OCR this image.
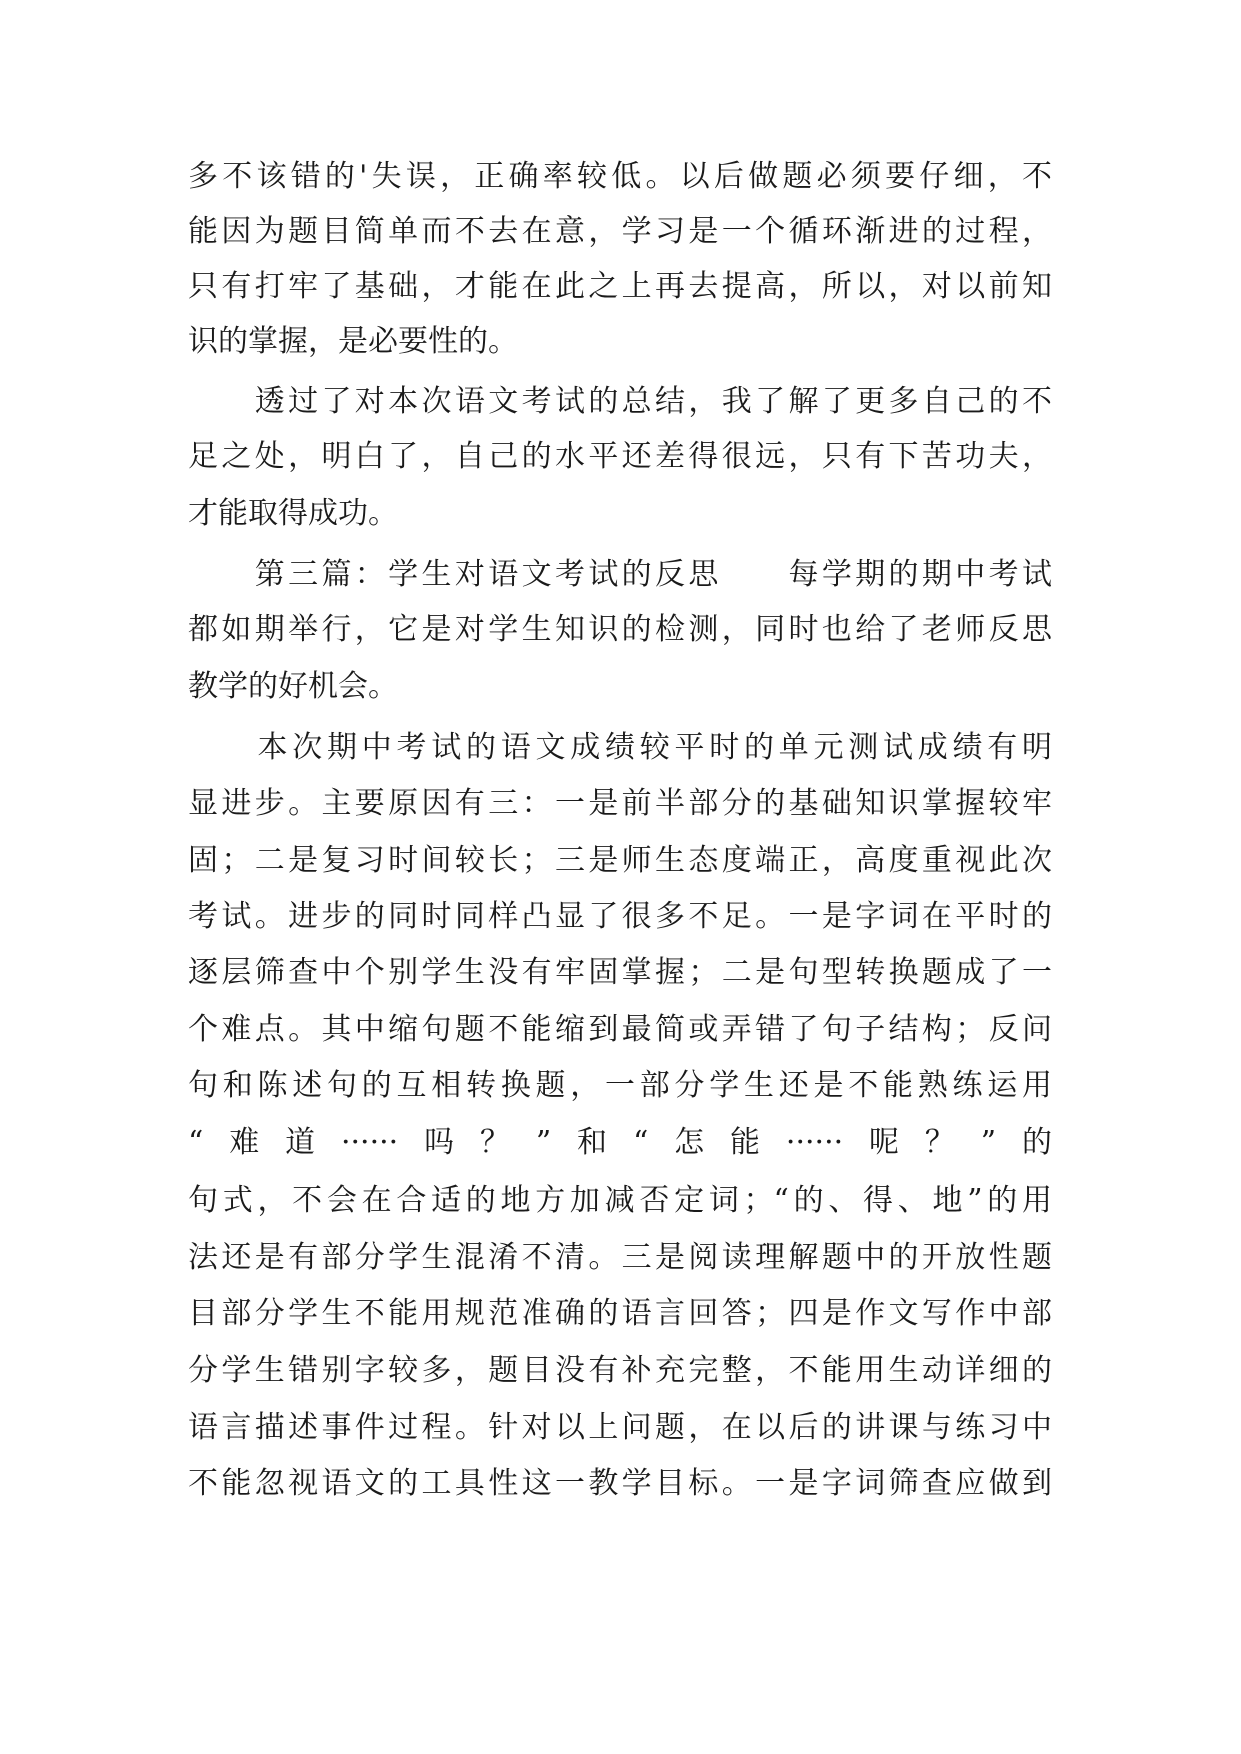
多不该错的'失误，正确率较低。以后做题必须要仔细，不
能因为题目简单而不去在意，学习是一个循环渐进的过程，
只有打牢了基础，才能在此之上再去提高，所以，对以前知
识的掌握，是必要性的。
　　透过了对本次语文考试的总结，我了解了更多自己的不
足之处，明白了，自己的水平还差得很远，只有下苦功夫，
才能取得成功。
　　第三篇：学生对语文考试的反思　　每学期的期中考试
都如期举行，它是对学生知识的检测，同时也给了老师反思
教学的好机会。
　　本次期中考试的语文成绩较平时的单元测试成绩有明
显进步。主要原因有三：一是前半部分的基础知识掌握较牢
固；二是复习时间较长；三是师生态度端正，高度重视此次
考试。进步的同时同样凸显了很多不足。一是字词在平时的
逐层筛查中个别学生没有牢固掌握；二是句型转换题成了一
个难点。其中缩句题不能缩到最简或弄错了句子结构；反问
句和陈述句的互相转换题，一部分学生还是不能熟练运用
“难道······吗？”和“怎能······呢？”的
句式，不会在合适的地方加减否定词；“的、得、地”的用
法还是有部分学生混淆不清。三是阅读理解题中的开放性题
目部分学生不能用规范准确的语言回答；四是作文写作中部
分学生错别字较多，题目没有补充完整，不能用生动详细的
语言描述事件过程。针对以上问题，在以后的讲课与练习中
不能忽视语文的工具性这一教学目标。一是字词筛查应做到
